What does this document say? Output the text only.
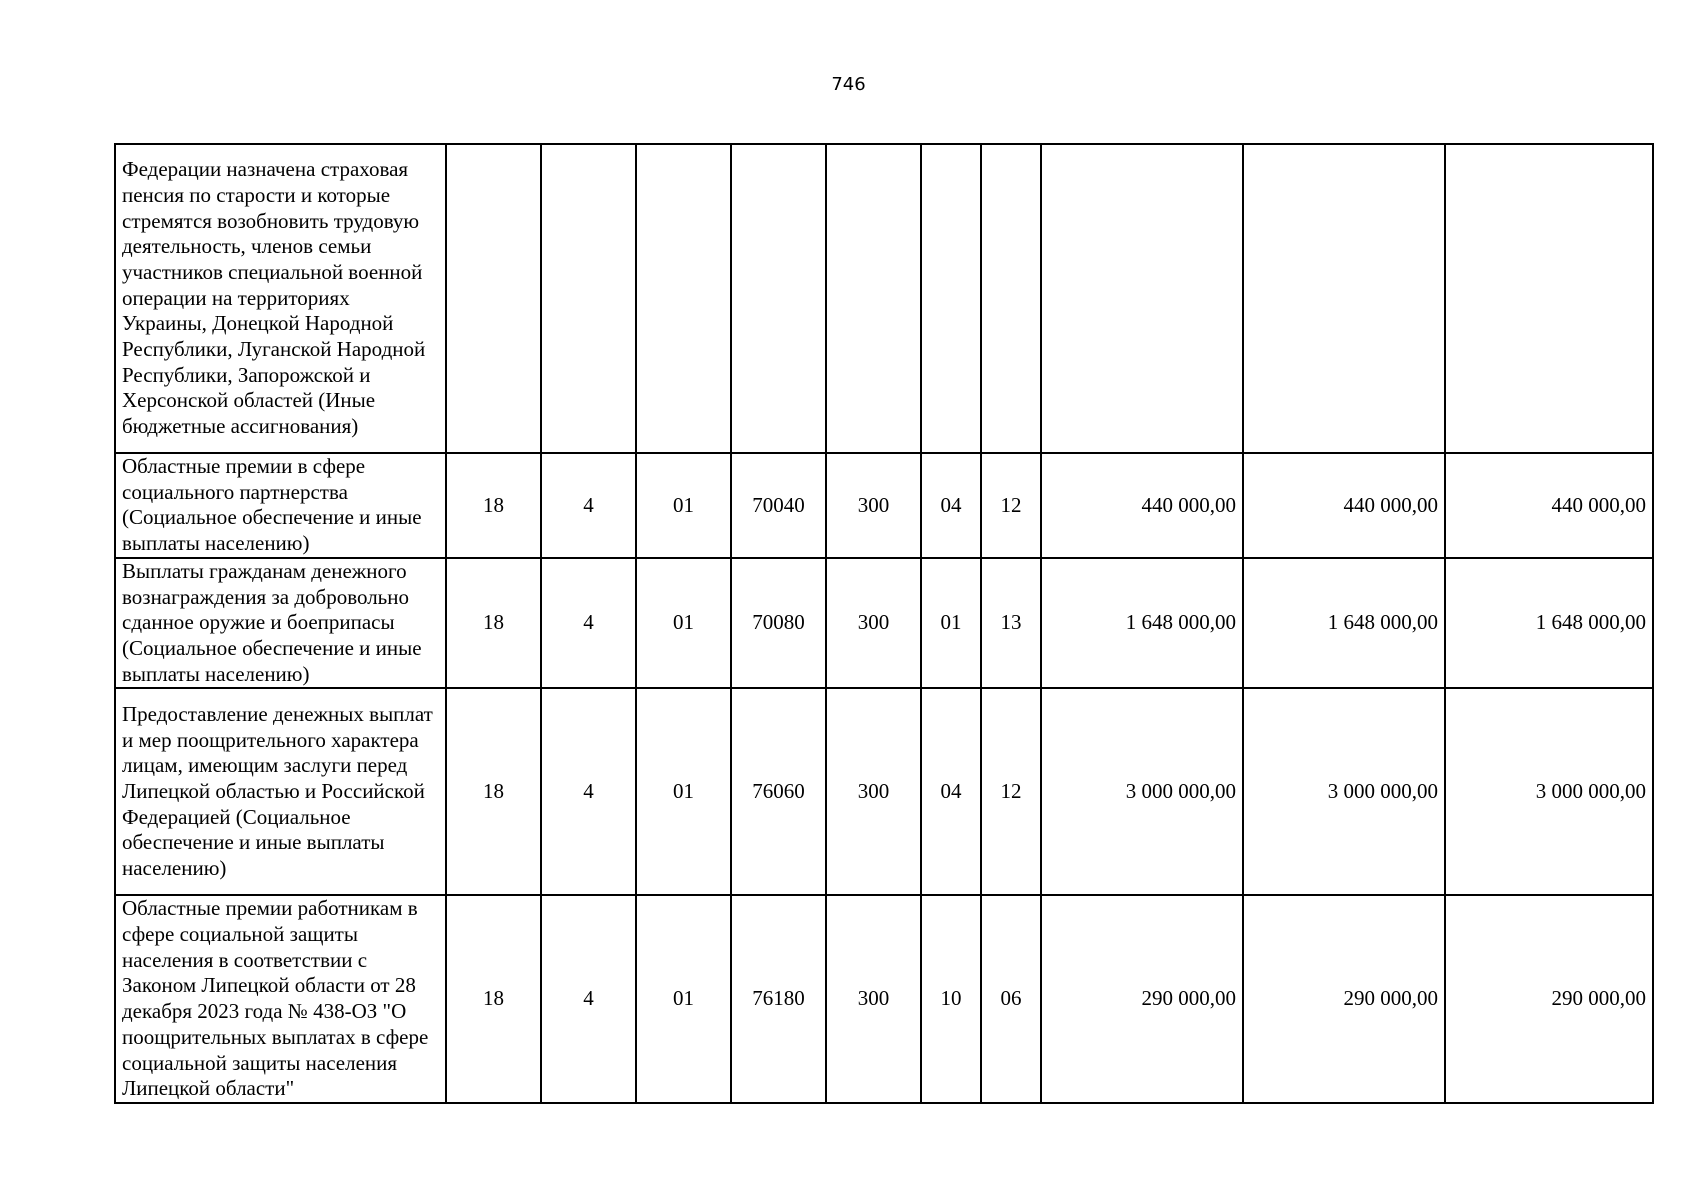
746
Федерации назначена страховая пенсия по старости и которые стремятся возобновить трудовую деятельность, членов семьи участников специальной военной операции на территориях Украины, Донецкой Народной Республики, Луганской Народной Республики, Запорожской и Херсонской областей (Иные бюджетные ассигнования)										
Областные премии в сфере социального партнерства (Социальное обеспечение и иные выплаты населению)	18	4	01	70040	300	04	12	440 000,00	440 000,00	440 000,00
Выплаты гражданам денежного вознаграждения за добровольно сданное оружие и боеприпасы (Социальное обеспечение и иные выплаты населению)	18	4	01	70080	300	01	13	1 648 000,00	1 648 000,00	1 648 000,00
Предоставление денежных выплат и мер поощрительного характера лицам, имеющим заслуги перед Липецкой областью и Российской Федерацией (Социальное обеспечение и иные выплаты населению)	18	4	01	76060	300	04	12	3 000 000,00	3 000 000,00	3 000 000,00
Областные премии работникам в сфере социальной защиты населения в соответствии с Законом Липецкой области от 28 декабря 2023 года № 438-ОЗ "О поощрительных выплатах в сфере социальной защиты населения Липецкой области"	18	4	01	76180	300	10	06	290 000,00	290 000,00	290 000,00
